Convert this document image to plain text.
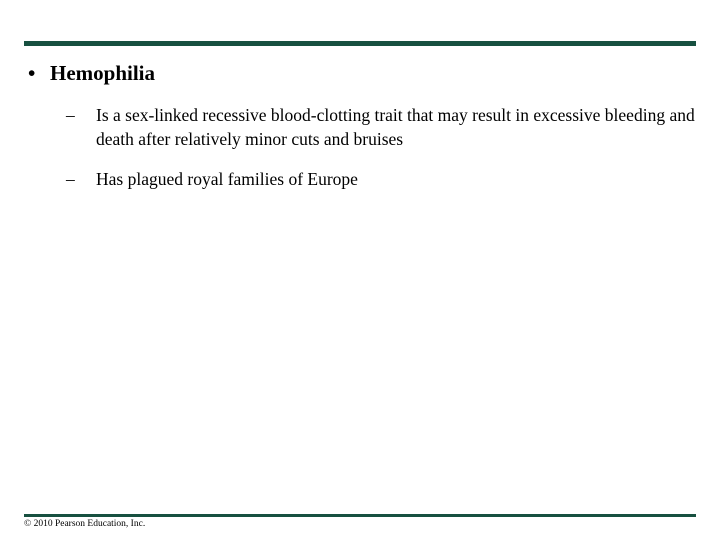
• Hemophilia
– Is a sex-linked recessive blood-clotting trait that may result in excessive bleeding and death after relatively minor cuts and bruises
– Has plagued royal families of Europe
© 2010 Pearson Education, Inc.
